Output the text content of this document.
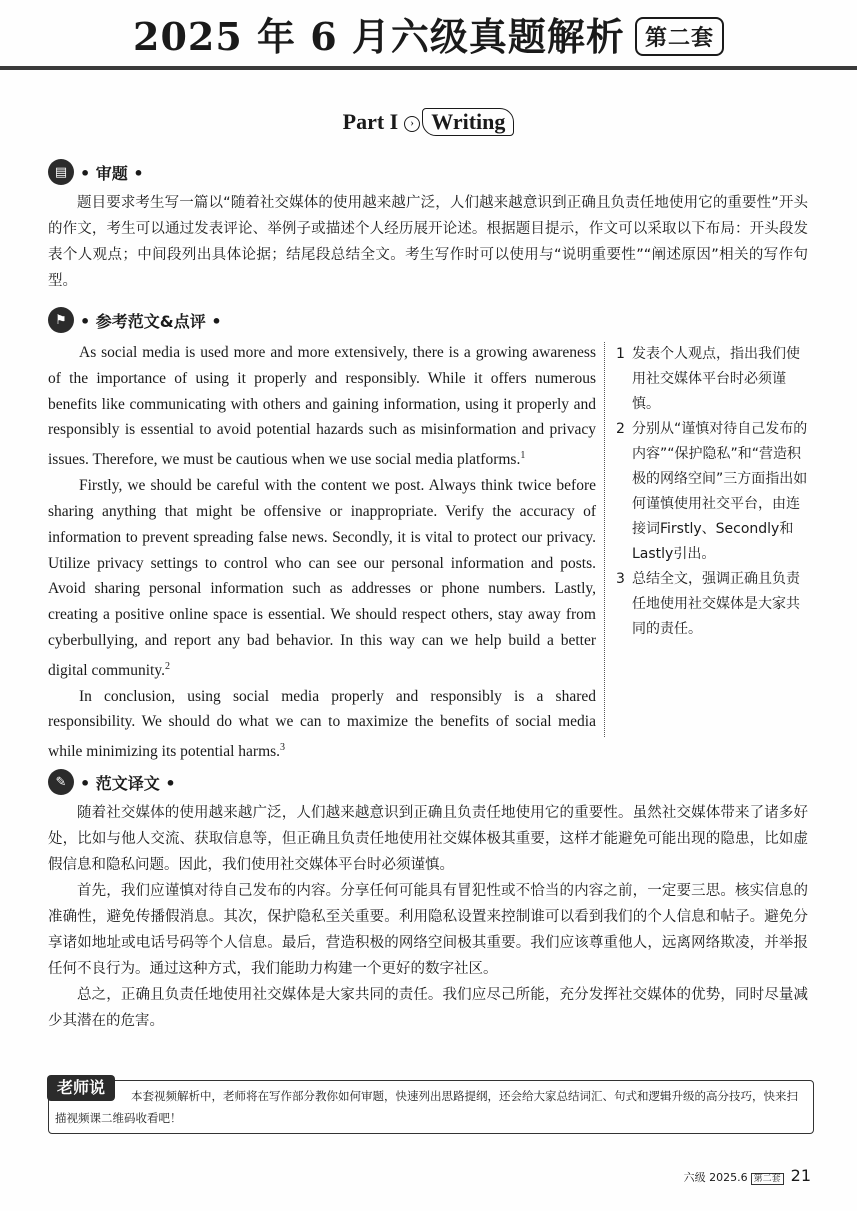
2025 年 6 月六级真题解析 第二套
Part I › Writing
▤ • 审题 •

题目要求考生写一篇以“随着社交媒体的使用越来越广泛，人们越来越意识到正确且负责任地使用它的重要性”开头的作文，考生可以通过发表评论、举例子或描述个人经历展开论述。根据题目提示，作文可以采取以下布局：开头段发表个人观点；中间段列出具体论据；结尾段总结全文。考生写作时可以使用与“说明重要性”“阐述原因”相关的写作句型。

⚑ • 参考范文&点评 •

As social media is used more and more extensively, there is a growing awareness of the importance of using it properly and responsibly. While it offers numerous benefits like communicating with others and gaining information, using it properly and responsibly is essential to avoid potential hazards such as misinformation and privacy issues. Therefore, we must be cautious when we use social media platforms.$^1$

Firstly, we should be careful with the content we post. Always think twice before sharing anything that might be offensive or inappropriate. Verify the accuracy of information to prevent spreading false news. Secondly, it is vital to protect our privacy. Utilize privacy settings to control who can see our personal information and posts. Avoid sharing personal information such as addresses or phone numbers. Lastly, creating a positive online space is essential. We should respect others, stay away from cyberbullying, and report any bad behavior. In this way can we help build a better digital community.$^2$

In conclusion, using social media properly and responsibly is a shared responsibility. We should do what we can to maximize the benefits of social media while minimizing its potential harms.$^3$

1 发表个人观点，指出我们使用社交媒体平台时必须谨慎。
2 分别从“谨慎对待自己发布的内容”“保护隐私”和“营造积极的网络空间”三方面指出如何谨慎使用社交平台，由连接词Firstly、Secondly和Lastly引出。
3 总结全文，强调正确且负责任地使用社交媒体是大家共同的责任。
✎ • 范文译文 •

随着社交媒体的使用越来越广泛，人们越来越意识到正确且负责任地使用它的重要性。虽然社交媒体带来了诸多好处，比如与他人交流、获取信息等，但正确且负责任地使用社交媒体极其重要，这样才能避免可能出现的隐患，比如虚假信息和隐私问题。因此，我们使用社交媒体平台时必须谨慎。

首先，我们应谨慎对待自己发布的内容。分享任何可能具有冒犯性或不恰当的内容之前，一定要三思。核实信息的准确性，避免传播假消息。其次，保护隐私至关重要。利用隐私设置来控制谁可以看到我们的个人信息和帖子。避免分享诸如地址或电话号码等个人信息。最后，营造积极的网络空间极其重要。我们应该尊重他人，远离网络欺凌，并举报任何不良行为。通过这种方式，我们能助力构建一个更好的数字社区。

总之，正确且负责任地使用社交媒体是大家共同的责任。我们应尽己所能，充分发挥社交媒体的优势，同时尽量减少其潜在的危害。

老师说	本套视频解析中，老师将在写作部分教你如何审题，快速列出思路提纲，还会给大家总结词汇、句式和逻辑升级的高分技巧，快来扫描视频课二维码收看吧！
六级 2025.6 第二套 21
